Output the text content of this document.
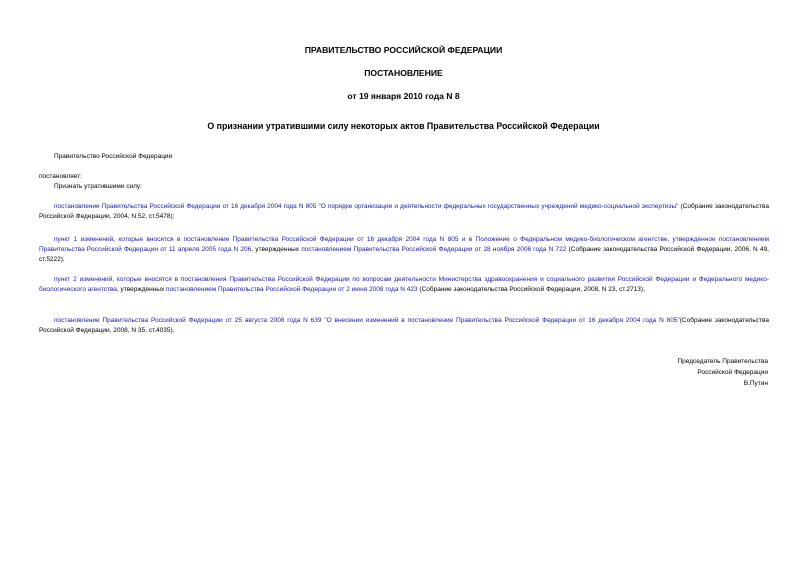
ПРАВИТЕЛЬСТВО РОССИЙСКОЙ ФЕДЕРАЦИИ
ПОСТАНОВЛЕНИЕ
от 19 января 2010 года N 8
О признании утратившими силу некоторых актов Правительства Российской Федерации
Правительство Российской Федерации
постановляет:
Признать утратившими силу:
постановление Правительства Российской Федерации от 16 декабря 2004 года N 805 "О порядке организации и деятельности федеральных государственных учреждений медико-социальной экспертизы" (Собрание законодательства Российской Федерации, 2004, N 52, ст.5478);
пункт 1 изменений, которые вносятся в постановление Правительства Российской Федерации от 16 декабря 2004 года N 805 и в Положение о Федеральном медико-биологическом агентстве, утвержденное постановлением Правительства Российской Федерации от 11 апреля 2005 года N 206, утвержденных постановлением Правительства Российской Федерации от 28 ноября 2006 года N 722 (Собрание законодательства Российской Федерации, 2006, N 49, ст.5222);
пункт 2 изменений, которые вносятся в постановления Правительства Российской Федерации по вопросам деятельности Министерства здравоохранения и социального развития Российской Федерации и Федерального медико-биологического агентства, утвержденных постановлением Правительства Российской Федерации от 2 июня 2008 года N 423 (Собрание законодательства Российской Федерации, 2008, N 23, ст.2713);
постановление Правительства Российской Федерации от 25 августа 2008 года N 639 "О внесении изменений в постановление Правительства Российской Федерации от 16 декабря 2004 года N 805"(Собрание законодательства Российской Федерации, 2008, N 35, ст.4035).
Председатель Правительства
Российской Федерации
В.Путин
